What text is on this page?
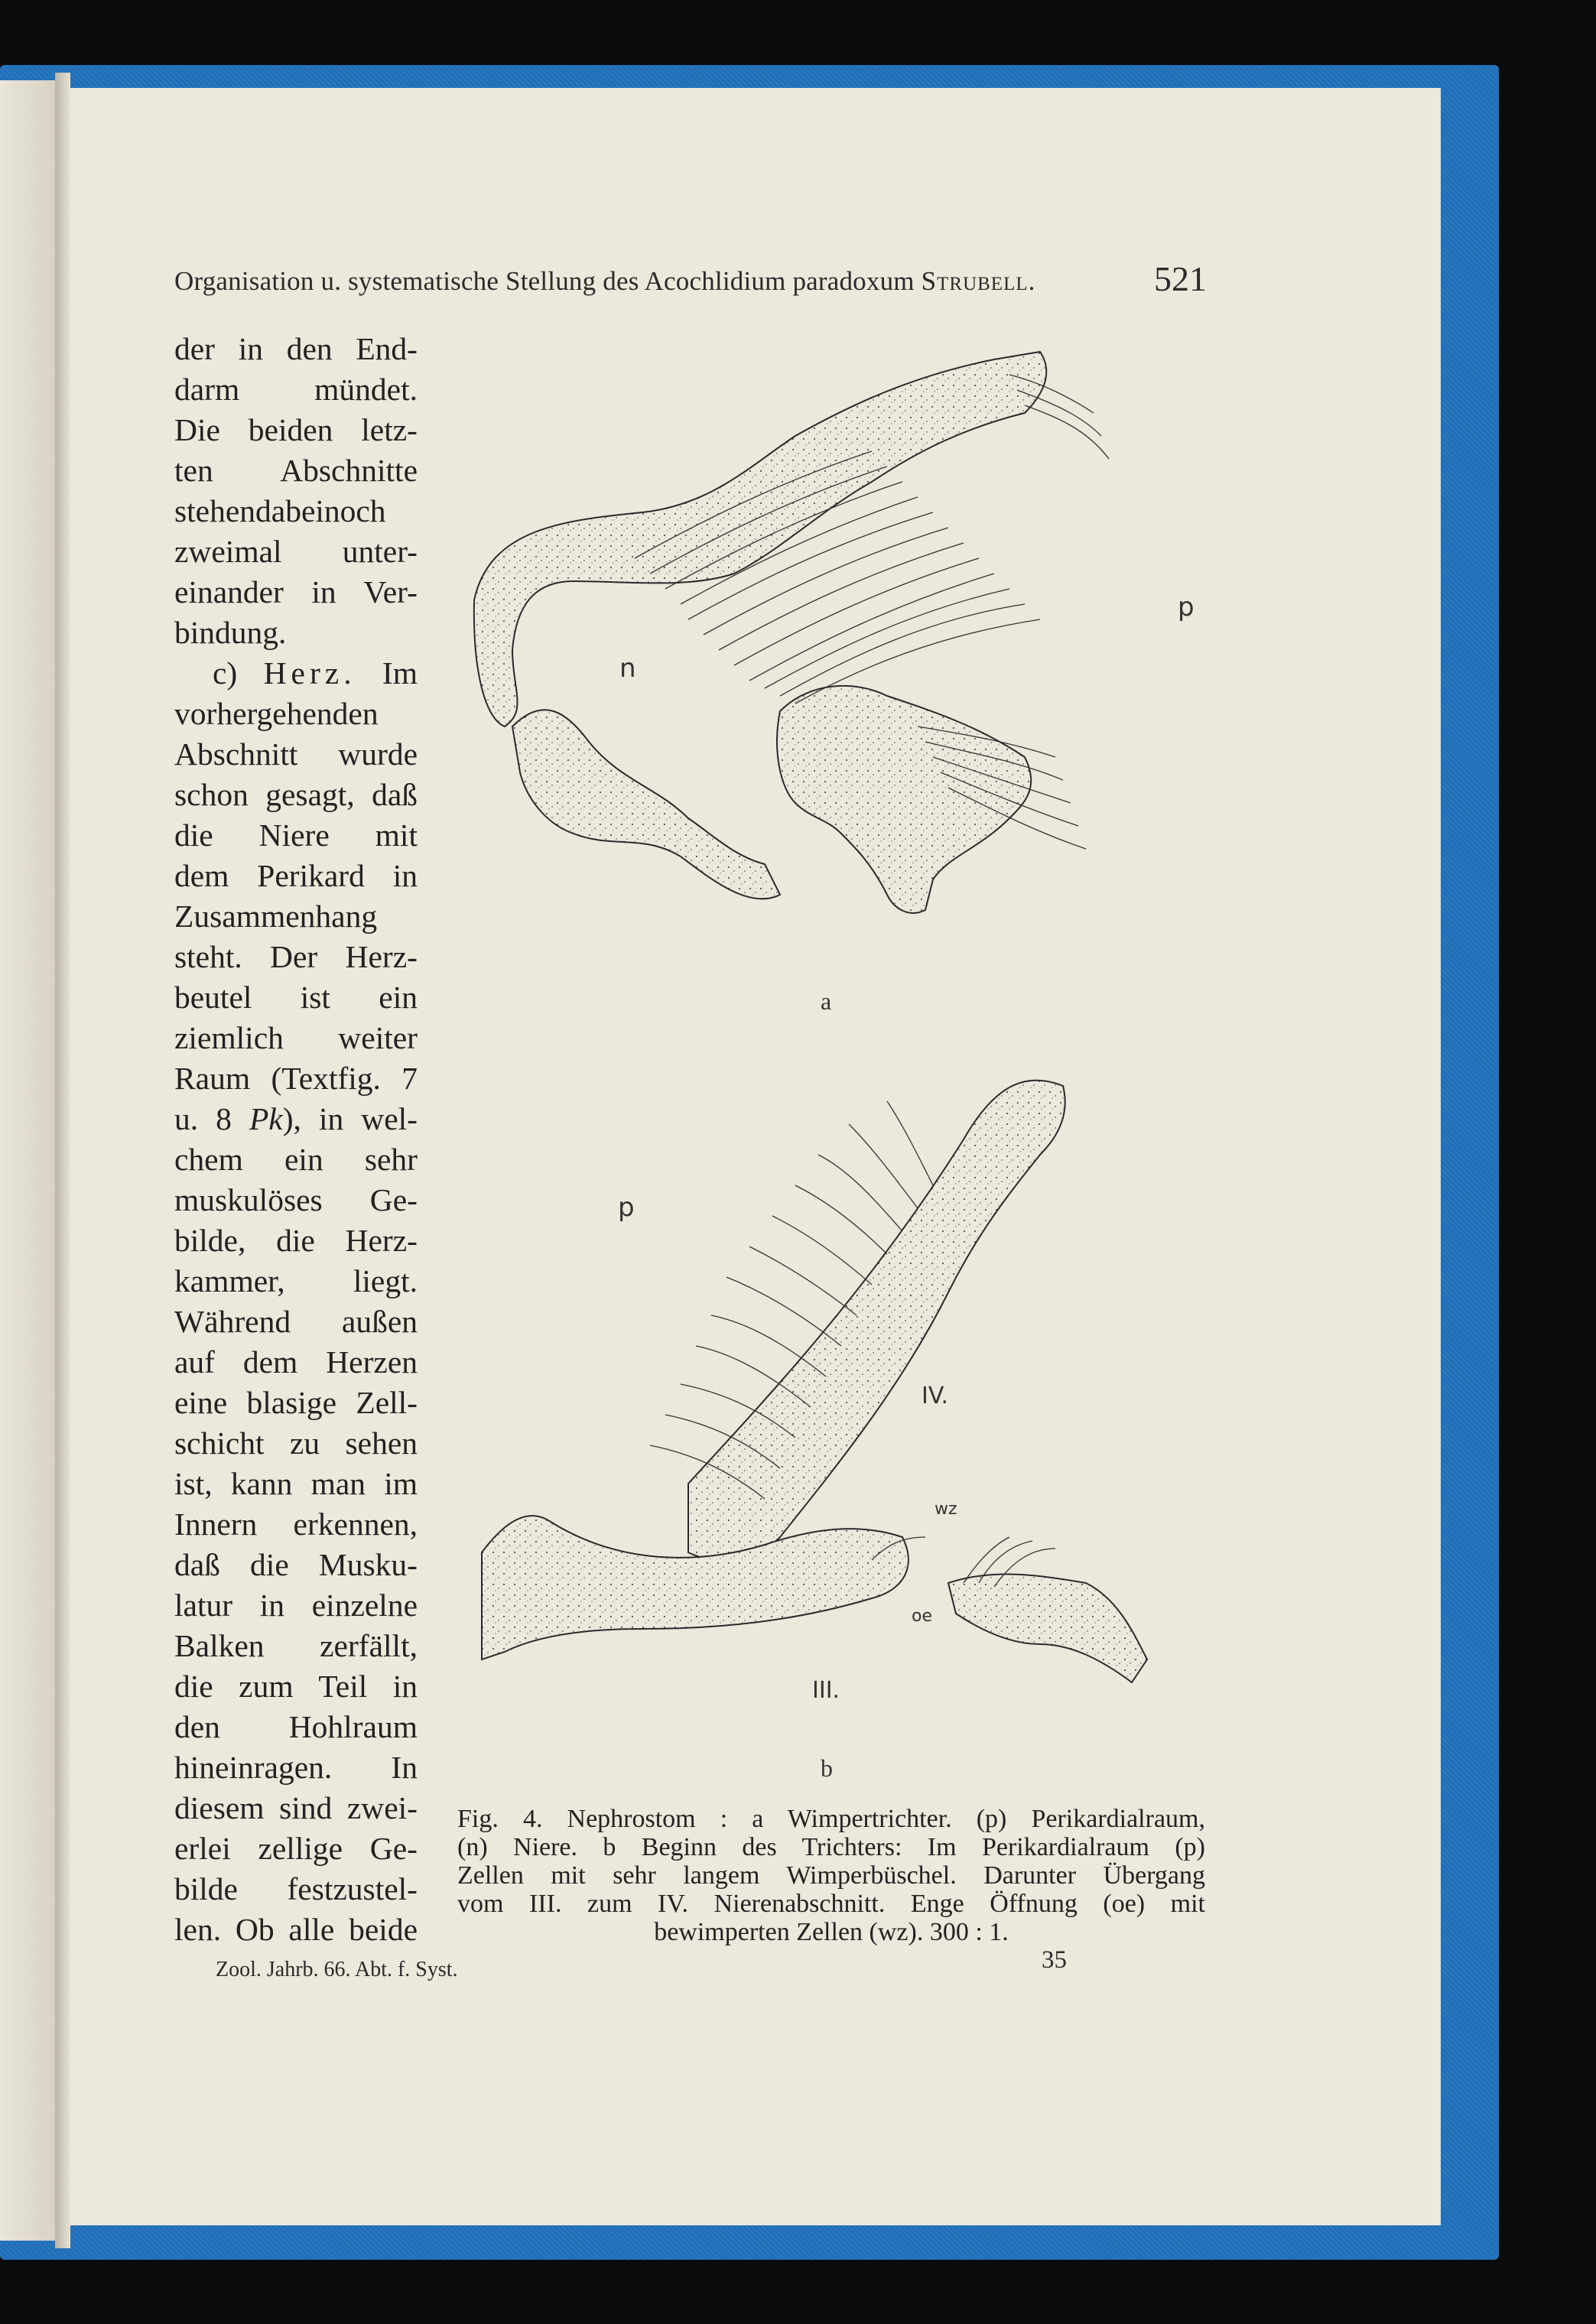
Organisation u. systematische Stellung des Acochlidium paradoxum Strubell.	521
der in den End-
darm mündet.
Die beiden letz-
ten Abschnitte
stehendabeinoch
zweimal unter-
einander in Ver-
bindung.
c) Herz. Im
vorhergehenden
Abschnitt wurde
schon gesagt, daß
die Niere mit
dem Perikard in
Zusammenhang
steht. Der Herz-
beutel ist ein
ziemlich weiter
Raum (Textfig. 7
u. 8 Pk), in wel-
chem ein sehr
muskulöses Ge-
bilde, die Herz-
kammer, liegt.
Während außen
auf dem Herzen
eine blasige Zell-
schicht zu sehen
ist, kann man im
Innern erkennen,
daß die Musku-
latur in einzelne
Balken zerfällt,
die zum Teil in
den Hohlraum
hineinragen. In
diesem sind zwei-
erlei zellige Ge-
bilde festzustel-
len. Ob alle beide
n
p
a
p
IV.
wz
oe
III.
b
Fig. 4. Nephrostom : a Wimpertrichter. (p) Perikardialraum,
(n) Niere. b Beginn des Trichters: Im Perikardialraum (p)
Zellen mit sehr langem Wimperbüschel. Darunter Übergang
vom III. zum IV. Nierenabschnitt. Enge Öffnung (oe) mit
bewimperten Zellen (wz). 300 : 1.
Zool. Jahrb. 66. Abt. f. Syst.	35
